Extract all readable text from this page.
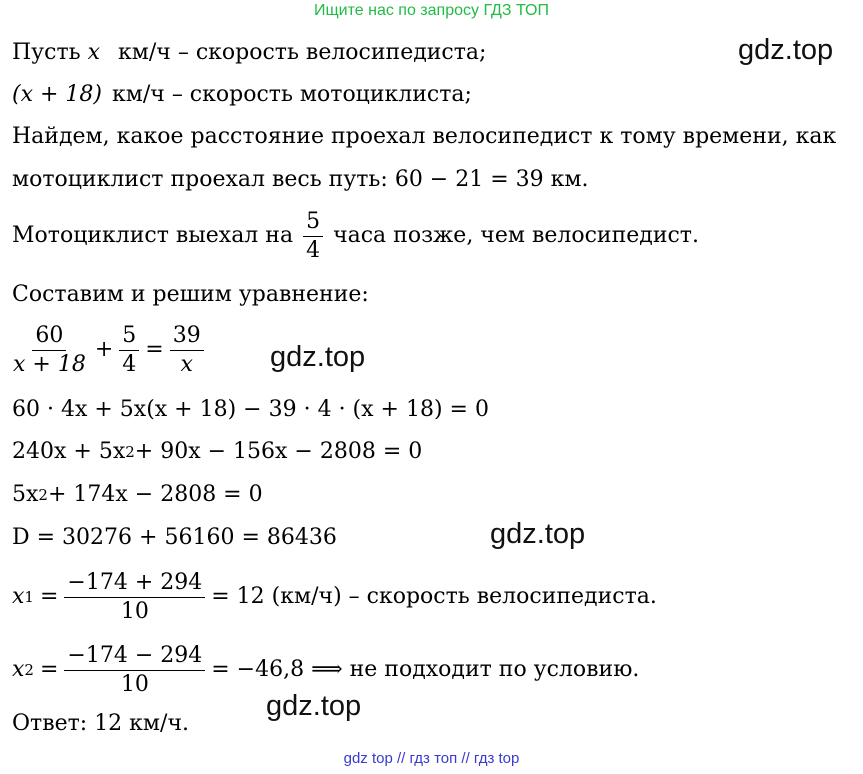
Ищите нас по запросу ГДЗ ТОП
gdz.top
gdz.top
gdz.top
gdz.top
Пусть x км/ч – скорость велосипедиста;
(x + 18) км/ч – скорость мотоциклиста;
Найдем, какое расстояние проехал велосипедист к тому времени, как
мотоциклист проехал весь путь: 60 − 21 = 39 км.
Мотоциклист выехал на $\frac{5}{4}$ часа позже, чем велосипедист.
Составим и решим уравнение:
$\frac{60}{x + 18} + \frac{5}{4} = \frac{39}{x}$
60 · 4x + 5x(x + 18) − 39 · 4 · (x + 18) = 0
240x + 5x 2 + 90x − 156x − 2808 = 0
5x 2 + 174x − 2808 = 0
D = 30276 + 56160 = 86436
x $1 = \frac{-174 + 294}{10} = 12$ (км/ч) – скорость велосипедиста.
x $2 = \frac{-174 - 294}{10} = -46,8$ ⟹ не подходит по условию.
Ответ: 12 км/ч.
gdz top // гдз топ // гдз top
